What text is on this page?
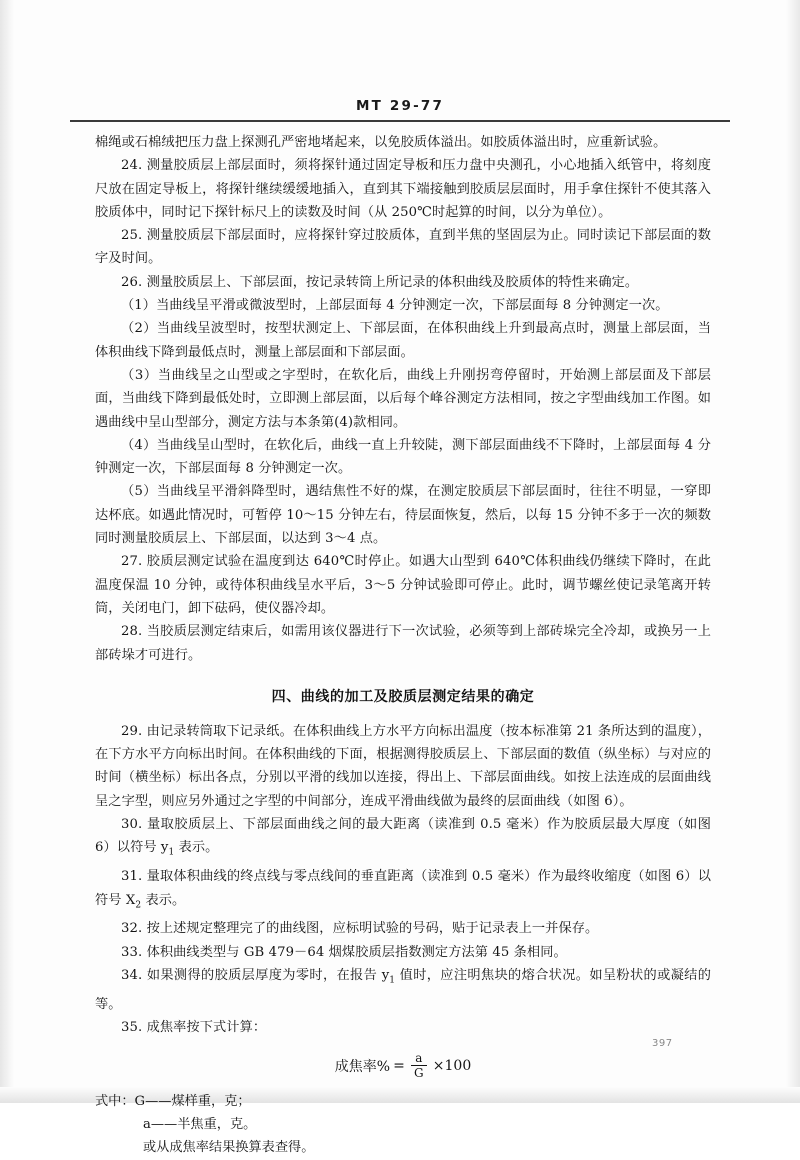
MT 29-77

棉绳或石棉绒把压力盘上探测孔严密地堵起来，以免胶质体溢出。如胶质体溢出时，应重新试验。

24. 测量胶质层上部层面时，须将探针通过固定导板和压力盘中央测孔，小心地插入纸管中，将刻度尺放在固定导板上，将探针继续缓缓地插入，直到其下端接触到胶质层层面时，用手拿住探针不使其落入胶质体中，同时记下探针标尺上的读数及时间（从 250℃时起算的时间，以分为单位）。

25. 测量胶质层下部层面时，应将探针穿过胶质体，直到半焦的坚固层为止。同时读记下部层面的数字及时间。

26. 测量胶质层上、下部层面，按记录转筒上所记录的体积曲线及胶质体的特性来确定。

（1）当曲线呈平滑或微波型时，上部层面每 4 分钟测定一次，下部层面每 8 分钟测定一次。

（2）当曲线呈波型时，按型状测定上、下部层面，在体积曲线上升到最高点时，测量上部层面，当体积曲线下降到最低点时，测量上部层面和下部层面。

（3）当曲线呈之山型或之字型时，在软化后，曲线上升刚拐弯停留时，开始测上部层面及下部层面，当曲线下降到最低处时，立即测上部层面，以后每个峰谷测定方法相同，按之字型曲线加工作图。如遇曲线中呈山型部分，测定方法与本条第(4)款相同。

（4）当曲线呈山型时，在软化后，曲线一直上升较陡，测下部层面曲线不下降时，上部层面每 4 分钟测定一次，下部层面每 8 分钟测定一次。

（5）当曲线呈平滑斜降型时，遇结焦性不好的煤，在测定胶质层下部层面时，往往不明显，一穿即达杯底。如遇此情况时，可暂停 10～15 分钟左右，待层面恢复，然后，以每 15 分钟不多于一次的频数同时测量胶质层上、下部层面，以达到 3～4 点。

27. 胶质层测定试验在温度到达 640℃时停止。如遇大山型到 640℃体积曲线仍继续下降时，在此温度保温 10 分钟，或待体积曲线呈水平后，3～5 分钟试验即可停止。此时，调节螺丝使记录笔离开转筒，关闭电门，卸下砝码，使仪器冷却。

28. 当胶质层测定结束后，如需用该仪器进行下一次试验，必须等到上部砖垛完全冷却，或换另一上部砖垛才可进行。

四、曲线的加工及胶质层测定结果的确定

29. 由记录转筒取下记录纸。在体积曲线上方水平方向标出温度（按本标准第 21 条所达到的温度），在下方水平方向标出时间。在体积曲线的下面，根据测得胶质层上、下部层面的数值（纵坐标）与对应的时间（横坐标）标出各点，分别以平滑的线加以连接，得出上、下部层面曲线。如按上法连成的层面曲线呈之字型，则应另外通过之字型的中间部分，连成平滑曲线做为最终的层面曲线（如图 6）。

30. 量取胶质层上、下部层面曲线之间的最大距离（读准到 0.5 毫米）作为胶质层最大厚度（如图 6）以符号 $y_1$ 表示。

31. 量取体积曲线的终点线与零点线间的垂直距离（读准到 0.5 毫米）作为最终收缩度（如图 6）以符号 $X_2$ 表示。

32. 按上述规定整理完了的曲线图，应标明试验的号码，贴于记录表上一并保存。

33. 体积曲线类型与 GB 479－64 烟煤胶质层指数测定方法第 45 条相同。

34. 如果测得的胶质层厚度为零时，在报告 $y_1$ 值时，应注明焦块的熔合状况。如呈粉状的或凝结的等。

35. 成焦率按下式计算：

成焦率% = $\frac{a}{G} \times 100$
式中：G——煤样重，克；
a——半焦重，克。
或从成焦率结果换算表查得。
397
